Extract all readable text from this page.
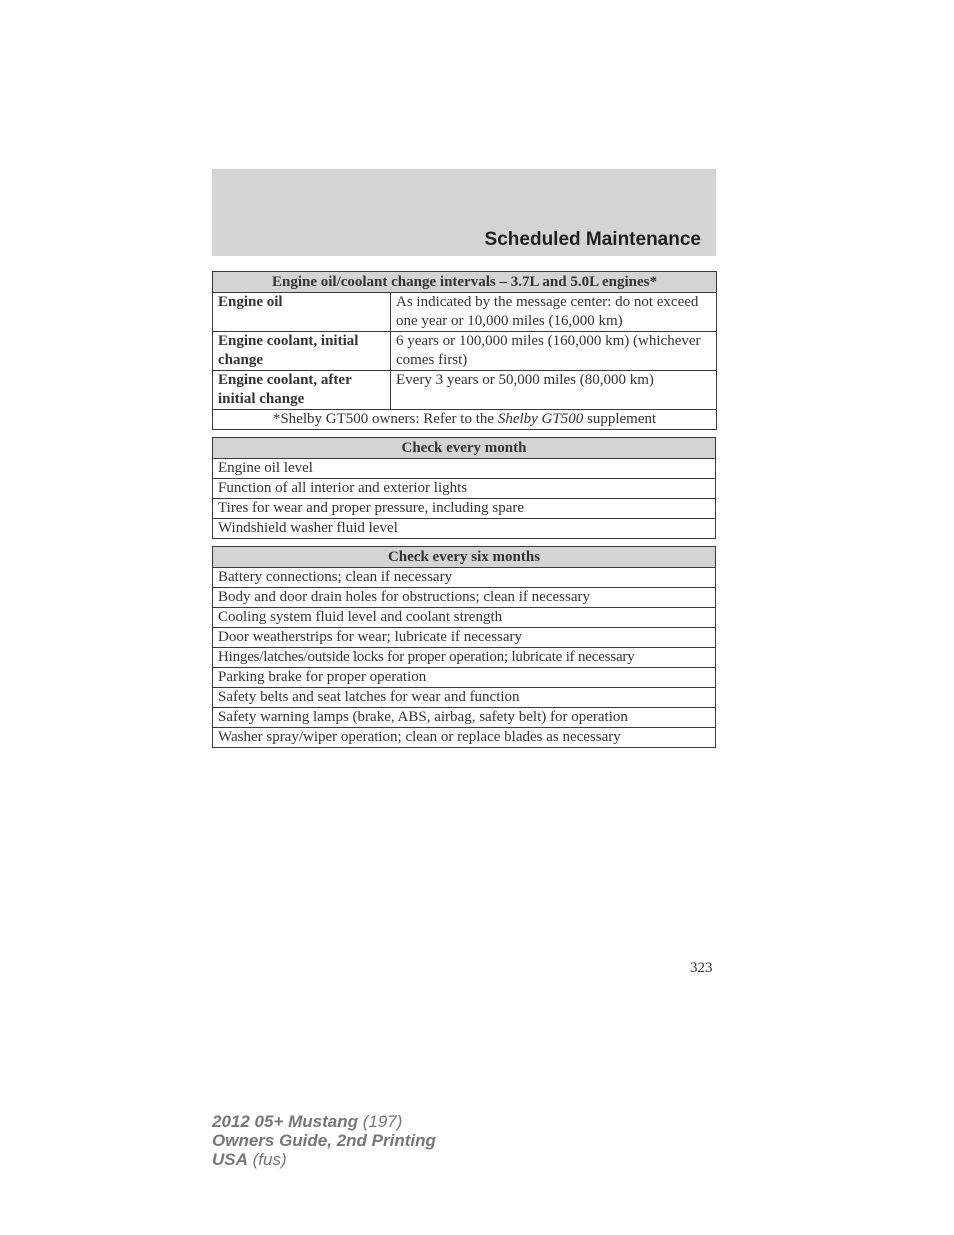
Scheduled Maintenance
Engine oil/coolant change intervals – 3.7L and 5.0L engines*	
Engine oil	As indicated by the message center: do not exceed one year or 10,000 miles (16,000 km)
Engine coolant, initial change	6 years or 100,000 miles (160,000 km) (whichever comes first)
Engine coolant, after initial change	Every 3 years or 50,000 miles (80,000 km)
*Shelby GT500 owners: Refer to the Shelby GT500 supplement	
Check every month
Engine oil level
Function of all interior and exterior lights
Tires for wear and proper pressure, including spare
Windshield washer fluid level
Check every six months
Battery connections; clean if necessary
Body and door drain holes for obstructions; clean if necessary
Cooling system fluid level and coolant strength
Door weatherstrips for wear; lubricate if necessary
Hinges/latches/outside locks for proper operation; lubricate if necessary
Parking brake for proper operation
Safety belts and seat latches for wear and function
Safety warning lamps (brake, ABS, airbag, safety belt) for operation
Washer spray/wiper operation; clean or replace blades as necessary
323
2012 05+ Mustang (197)
Owners Guide, 2nd Printing
USA (fus)
